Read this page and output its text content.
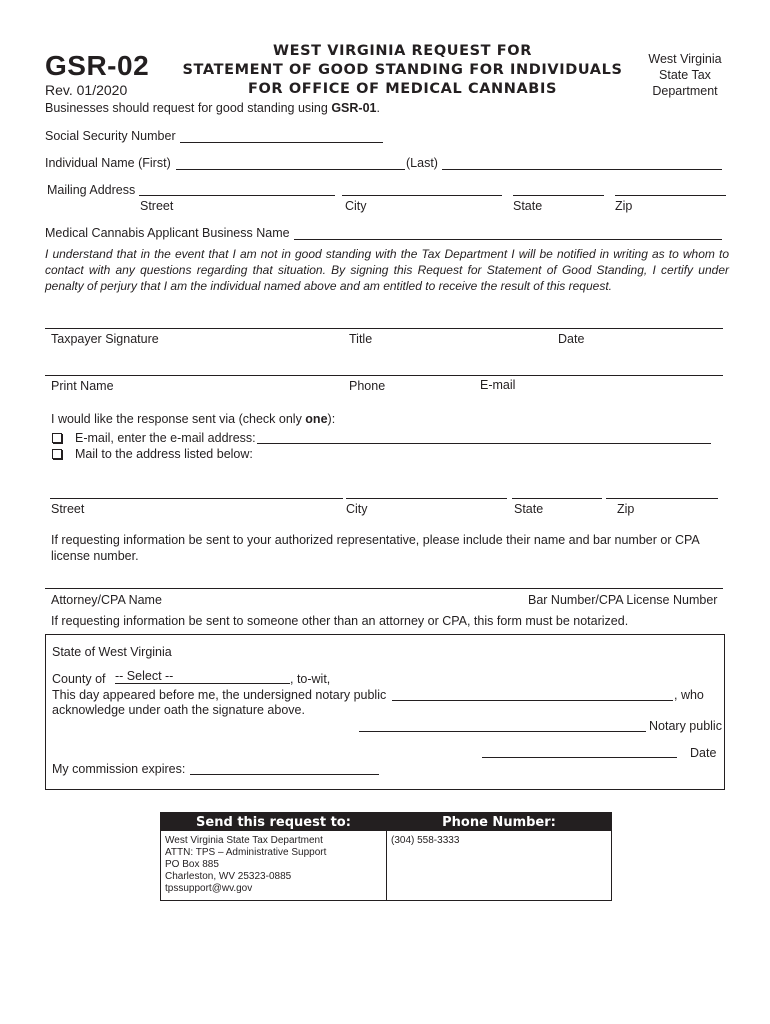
GSR-02
Rev. 01/2020
WEST VIRGINIA REQUEST FOR
STATEMENT OF GOOD STANDING FOR INDIVIDUALS
FOR OFFICE OF MEDICAL CANNABIS
West Virginia
State Tax
Department
Businesses should request for good standing using GSR-01.
Social Security Number
Individual Name (First)	(Last)
Mailing Address
Street	City	State	Zip
Medical Cannabis Applicant Business Name
I understand that in the event that I am not in good standing with the Tax Department I will be notified in writing as to whom to contact with any questions regarding that situation. By signing this Request for Statement of Good Standing, I certify under penalty of perjury that I am the individual named above and am entitled to receive the result of this request.
Taxpayer Signature	Title	Date
Print Name	Phone	E-mail
I would like the response sent via (check only one):
E-mail, enter the e-mail address:
Mail to the address listed below:
Street	City	State	Zip
If requesting information be sent to your authorized representative, please include their name and bar number or CPA license number.
Attorney/CPA Name	Bar Number/CPA License Number
If requesting information be sent to someone other than an attorney or CPA, this form must be notarized.
State of West Virginia
County of
-- Select --	, to-wit,
This day appeared before me, the undersigned notary public	, who
acknowledge under oath the signature above.
Notary public
Date
My commission expires:
Send this request to:	Phone Number:
West Virginia State Tax Department
ATTN: TPS – Administrative Support
PO Box 885
Charleston, WV 25323-0885
tpssupport@wv.gov
(304) 558-3333
